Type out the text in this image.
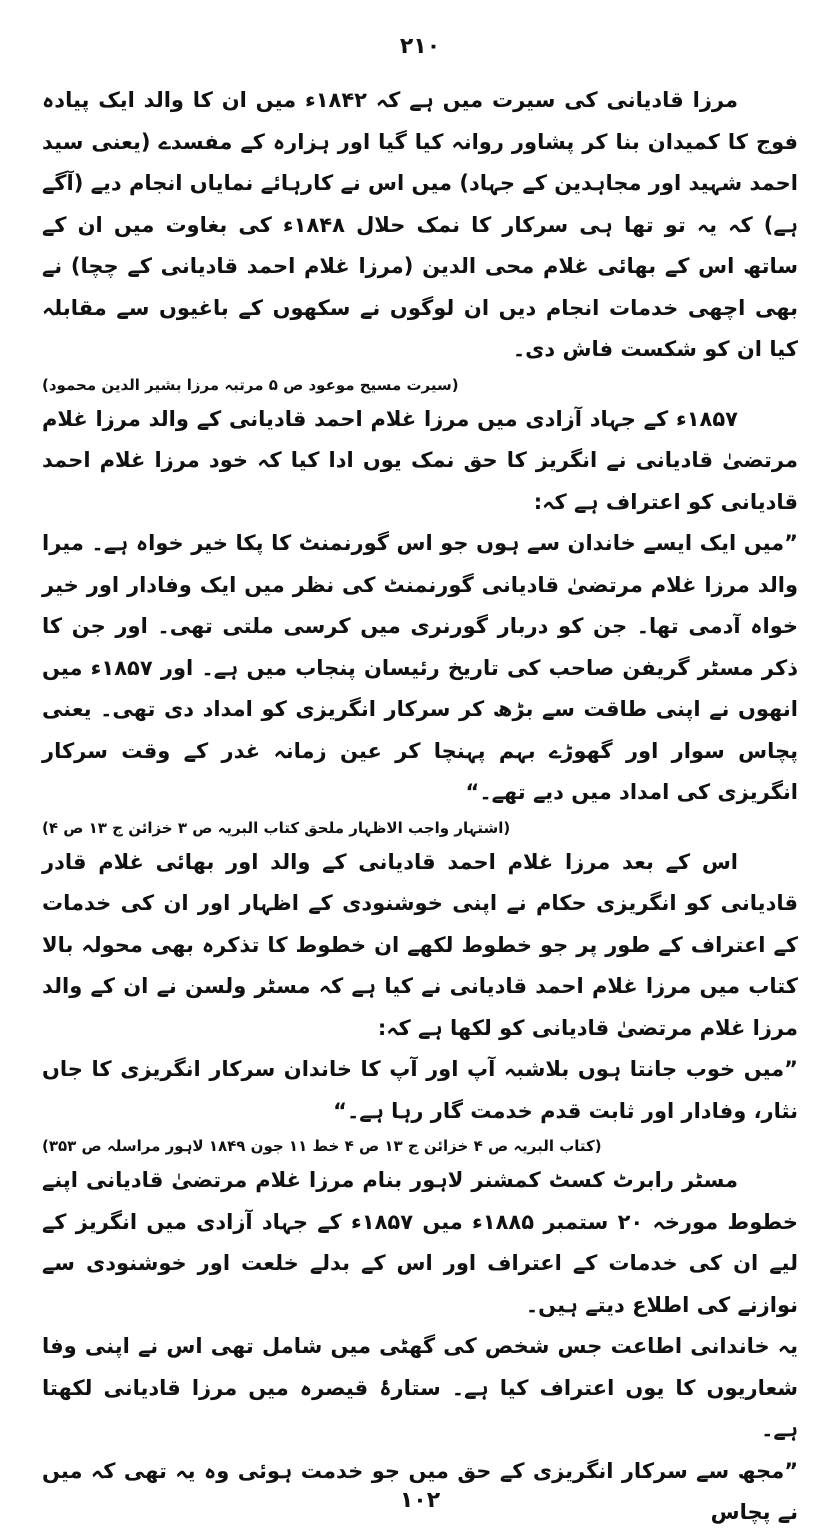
۲۱۰

مرزا قادیانی کی سیرت میں ہے کہ ۱۸۴۲ء میں ان کا والد ایک پیادہ فوج کا کمیدان بنا کر پشاور روانہ کیا گیا اور ہزارہ کے مفسدے (یعنی سید احمد شہید اور مجاہدین کے جہاد) میں اس نے کارہائے نمایاں انجام دیے (آگے ہے) کہ یہ تو تھا ہی سرکار کا نمک حلال ۱۸۴۸ء کی بغاوت میں ان کے ساتھ اس کے بھائی غلام محی الدین (مرزا غلام احمد قادیانی کے چچا) نے بھی اچھی خدمات انجام دیں ان لوگوں نے سکھوں کے باغیوں سے مقابلہ کیا ان کو شکست فاش دی۔

(سیرت مسیح موعود ص ۵ مرتبہ مرزا بشیر الدین محمود)

۱۸۵۷ء کے جہاد آزادی میں مرزا غلام احمد قادیانی کے والد مرزا غلام مرتضیٰ قادیانی نے انگریز کا حق نمک یوں ادا کیا کہ خود مرزا غلام احمد قادیانی کو اعتراف ہے کہ:

”میں ایک ایسے خاندان سے ہوں جو اس گورنمنٹ کا پکا خیر خواہ ہے۔ میرا والد مرزا غلام مرتضیٰ قادیانی گورنمنٹ کی نظر میں ایک وفادار اور خیر خواہ آدمی تھا۔ جن کو دربار گورنری میں کرسی ملتی تھی۔ اور جن کا ذکر مسٹر گریفن صاحب کی تاریخ رئیسان پنجاب میں ہے۔ اور ۱۸۵۷ء میں انھوں نے اپنی طاقت سے بڑھ کر سرکار انگریزی کو امداد دی تھی۔ یعنی پچاس سوار اور گھوڑے بہم پہنچا کر عین زمانہ غدر کے وقت سرکار انگریزی کی امداد میں دیے تھے۔“

(اشتہار واجب الاظہار ملحق کتاب البریہ ص ۳ خزائن ج ۱۳ ص ۴)

اس کے بعد مرزا غلام احمد قادیانی کے والد اور بھائی غلام قادر قادیانی کو انگریزی حکام نے اپنی خوشنودی کے اظہار اور ان کی خدمات کے اعتراف کے طور پر جو خطوط لکھے ان خطوط کا تذکرہ بھی محولہ بالا کتاب میں مرزا غلام احمد قادیانی نے کیا ہے کہ مسٹر ولسن نے ان کے والد مرزا غلام مرتضیٰ قادیانی کو لکھا ہے کہ:

”میں خوب جانتا ہوں بلاشبہ آپ اور آپ کا خاندان سرکار انگریزی کا جاں نثار، وفادار اور ثابت قدم خدمت گار رہا ہے۔“

(کتاب البریہ ص ۴ خزائن ج ۱۳ ص ۴ خط ۱۱ جون ۱۸۴۹ لاہور مراسلہ ص ۳۵۳)

مسٹر رابرٹ کسٹ کمشنر لاہور بنام مرزا غلام مرتضیٰ قادیانی اپنے خطوط مورخہ ۲۰ ستمبر ۱۸۸۵ء میں ۱۸۵۷ء کے جہاد آزادی میں انگریز کے لیے ان کی خدمات کے اعتراف اور اس کے بدلے خلعت اور خوشنودی سے نوازنے کی اطلاع دیتے ہیں۔

یہ خاندانی اطاعت جس شخص کی گھٹی میں شامل تھی اس نے اپنی وفا شعاریوں کا یوں اعتراف کیا ہے۔ ستارۂ قیصرہ میں مرزا قادیانی لکھتا ہے۔

”مجھ سے سرکار انگریزی کے حق میں جو خدمت ہوئی وہ یہ تھی کہ میں نے پچاس

۱۰۲
